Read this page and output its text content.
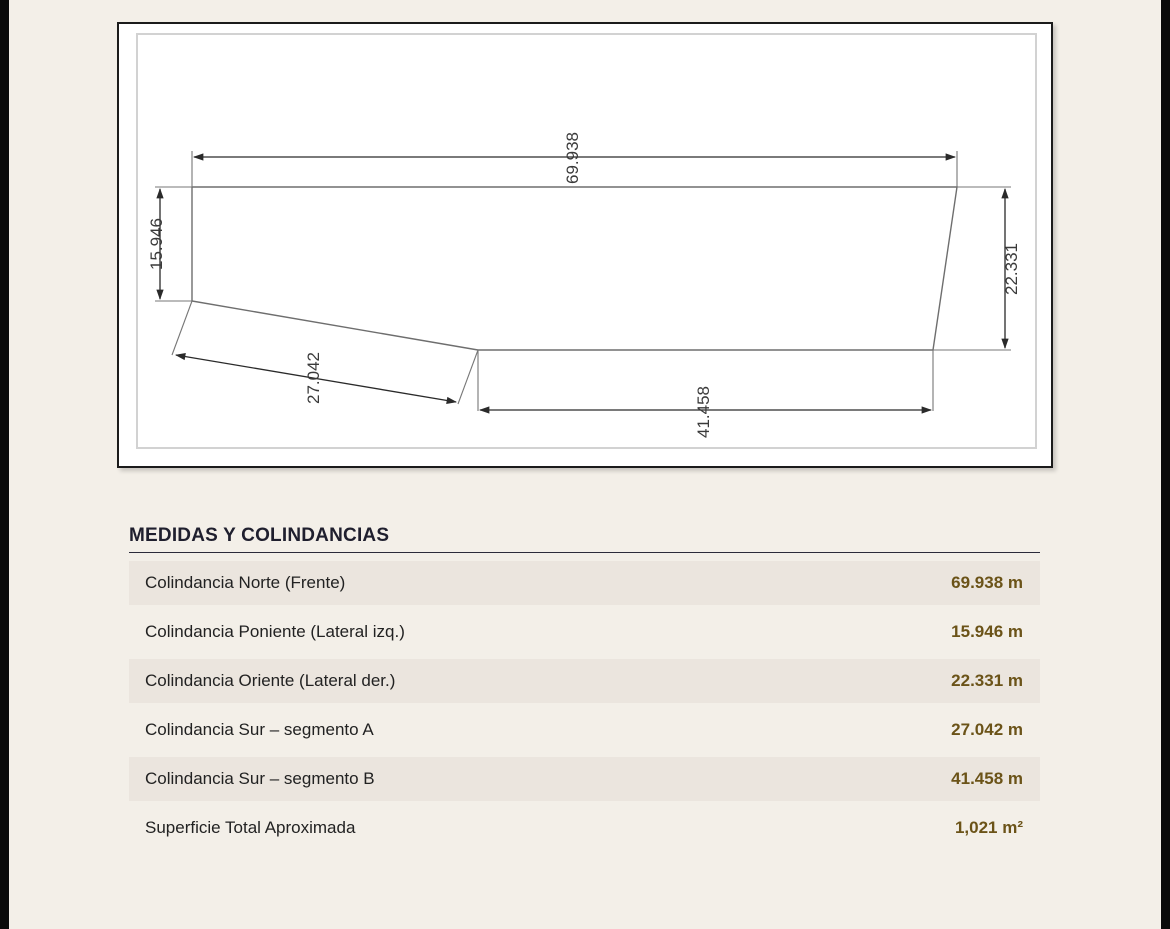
69.938
15.946	22.331
27.042
41.458
MEDIDAS Y COLINDANCIAS
Colindancia Norte (Frente)	69.938 m
Colindancia Poniente (Lateral izq.)	15.946 m
Colindancia Oriente (Lateral der.)	22.331 m
Colindancia Sur – segmento A	27.042 m
Colindancia Sur – segmento B	41.458 m
Superficie Total Aproximada	1,021 m²
